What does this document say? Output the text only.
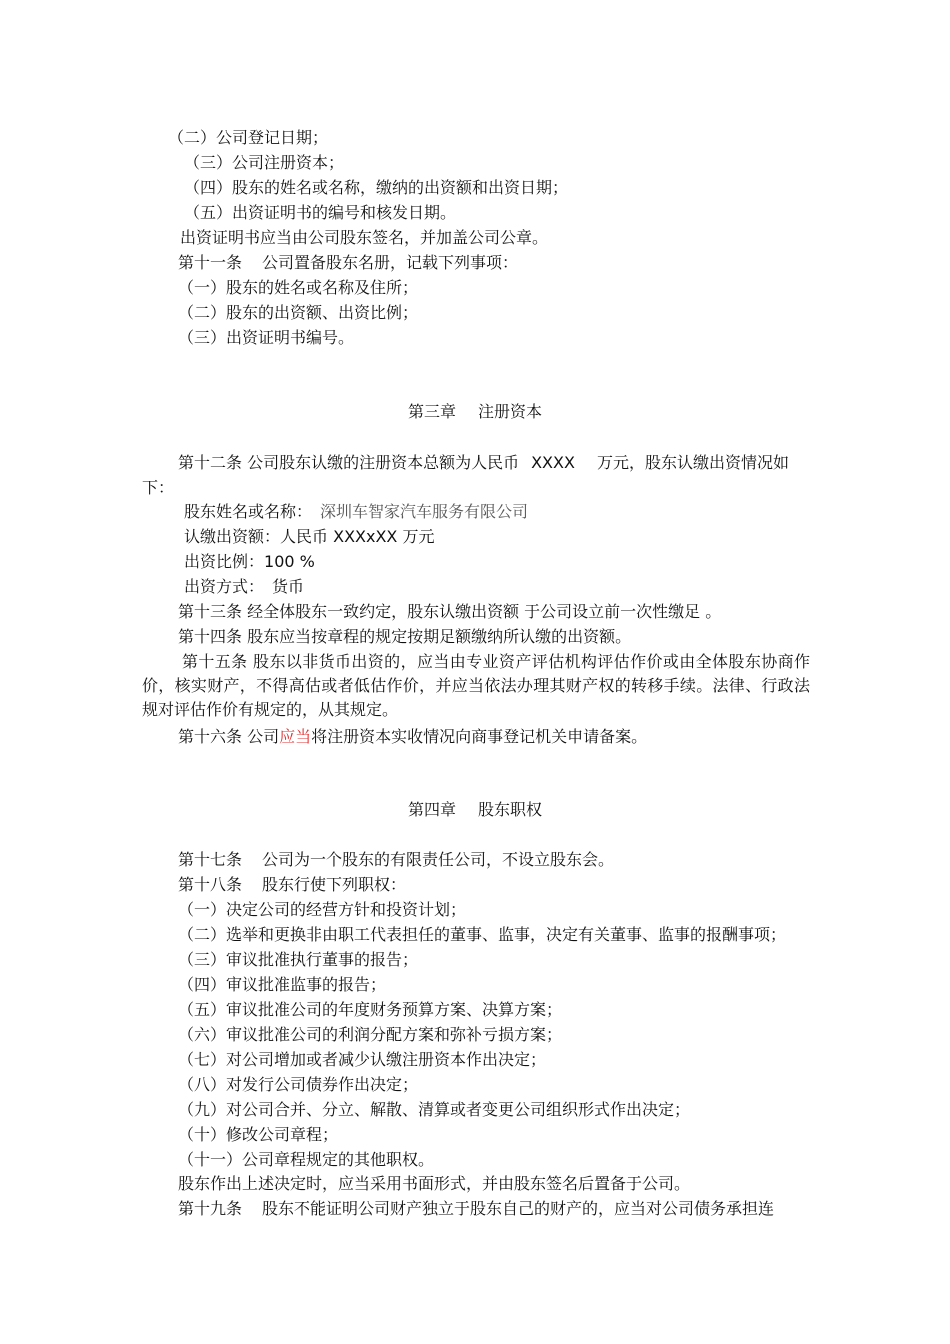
（二）公司登记日期；
（三）公司注册资本；
（四）股东的姓名或名称，缴纳的出资额和出资日期；
（五）出资证明书的编号和核发日期。
出资证明书应当由公司股东签名，并加盖公司公章。
第十一条 公司置备股东名册，记载下列事项：
（一）股东的姓名或名称及住所；
（二）股东的出资额、出资比例；
（三）出资证明书编号。
第三章 注册资本
第十二条 公司股东认缴的注册资本总额为人民币 XXXX 万元，股东认缴出资情况如
下：
股东姓名或名称： 深圳车智家汽车服务有限公司
认缴出资额：人民币 XXXxXX 万元
出资比例：100 %
出资方式： 货币
第十三条 经全体股东一致约定，股东认缴出资额 于公司设立前一次性缴足 。
第十四条 股东应当按章程的规定按期足额缴纳所认缴的出资额。
第十五条 股东以非货币出资的，应当由专业资产评估机构评估作价或由全体股东协商作价，核实财产，不得高估或者低估作价，并应当依法办理其财产权的转移手续。法律、行政法规对评估作价有规定的，从其规定。
第十六条 公司应当将注册资本实收情况向商事登记机关申请备案。
第四章 股东职权
第十七条 公司为一个股东的有限责任公司，不设立股东会。
第十八条 股东行使下列职权：
（一）决定公司的经营方针和投资计划；
（二）选举和更换非由职工代表担任的董事、监事，决定有关董事、监事的报酬事项；
（三）审议批准执行董事的报告；
（四）审议批准监事的报告；
（五）审议批准公司的年度财务预算方案、决算方案；
（六）审议批准公司的利润分配方案和弥补亏损方案；
（七）对公司增加或者减少认缴注册资本作出决定；
（八）对发行公司债券作出决定；
（九）对公司合并、分立、解散、清算或者变更公司组织形式作出决定；
（十）修改公司章程；
（十一）公司章程规定的其他职权。
股东作出上述决定时，应当采用书面形式，并由股东签名后置备于公司。
第十九条 股东不能证明公司财产独立于股东自己的财产的，应当对公司债务承担连
